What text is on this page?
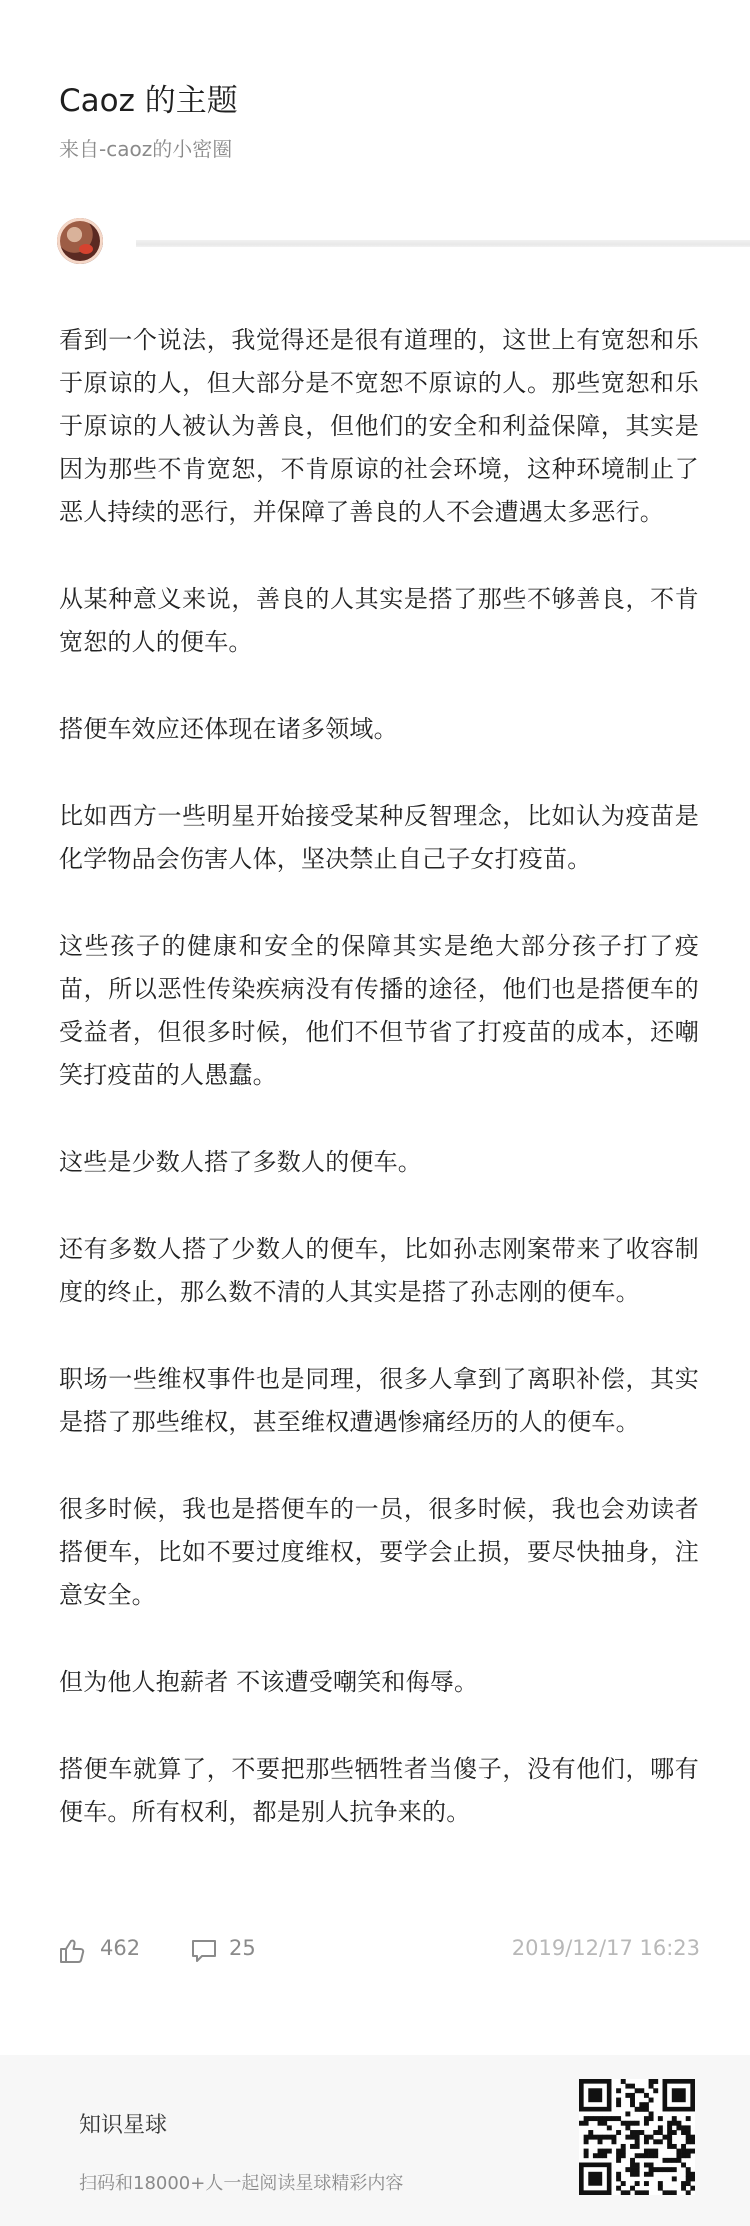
Caoz 的主题
来自-caoz的小密圈

看到一个说法，我觉得还是很有道理的，这世上有宽恕和乐于原谅的人，但大部分是不宽恕不原谅的人。那些宽恕和乐于原谅的人被认为善良，但他们的安全和利益保障，其实是因为那些不肯宽恕，不肯原谅的社会环境，这种环境制止了恶人持续的恶行，并保障了善良的人不会遭遇太多恶行。

从某种意义来说，善良的人其实是搭了那些不够善良，不肯宽恕的人的便车。

搭便车效应还体现在诸多领域。

比如西方一些明星开始接受某种反智理念，比如认为疫苗是化学物品会伤害人体，坚决禁止自己子女打疫苗。

这些孩子的健康和安全的保障其实是绝大部分孩子打了疫苗，所以恶性传染疾病没有传播的途径，他们也是搭便车的受益者，但很多时候，他们不但节省了打疫苗的成本，还嘲笑打疫苗的人愚蠢。

这些是少数人搭了多数人的便车。

还有多数人搭了少数人的便车，比如孙志刚案带来了收容制度的终止，那么数不清的人其实是搭了孙志刚的便车。

职场一些维权事件也是同理，很多人拿到了离职补偿，其实是搭了那些维权，甚至维权遭遇惨痛经历的人的便车。

很多时候，我也是搭便车的一员，很多时候，我也会劝读者搭便车，比如不要过度维权，要学会止损，要尽快抽身，注意安全。

但为他人抱薪者 不该遭受嘲笑和侮辱。

搭便车就算了，不要把那些牺牲者当傻子，没有他们，哪有便车。所有权利，都是别人抗争来的。

462	25	2019/12/17 16:23
知识星球
扫码和18000+人一起阅读星球精彩内容
